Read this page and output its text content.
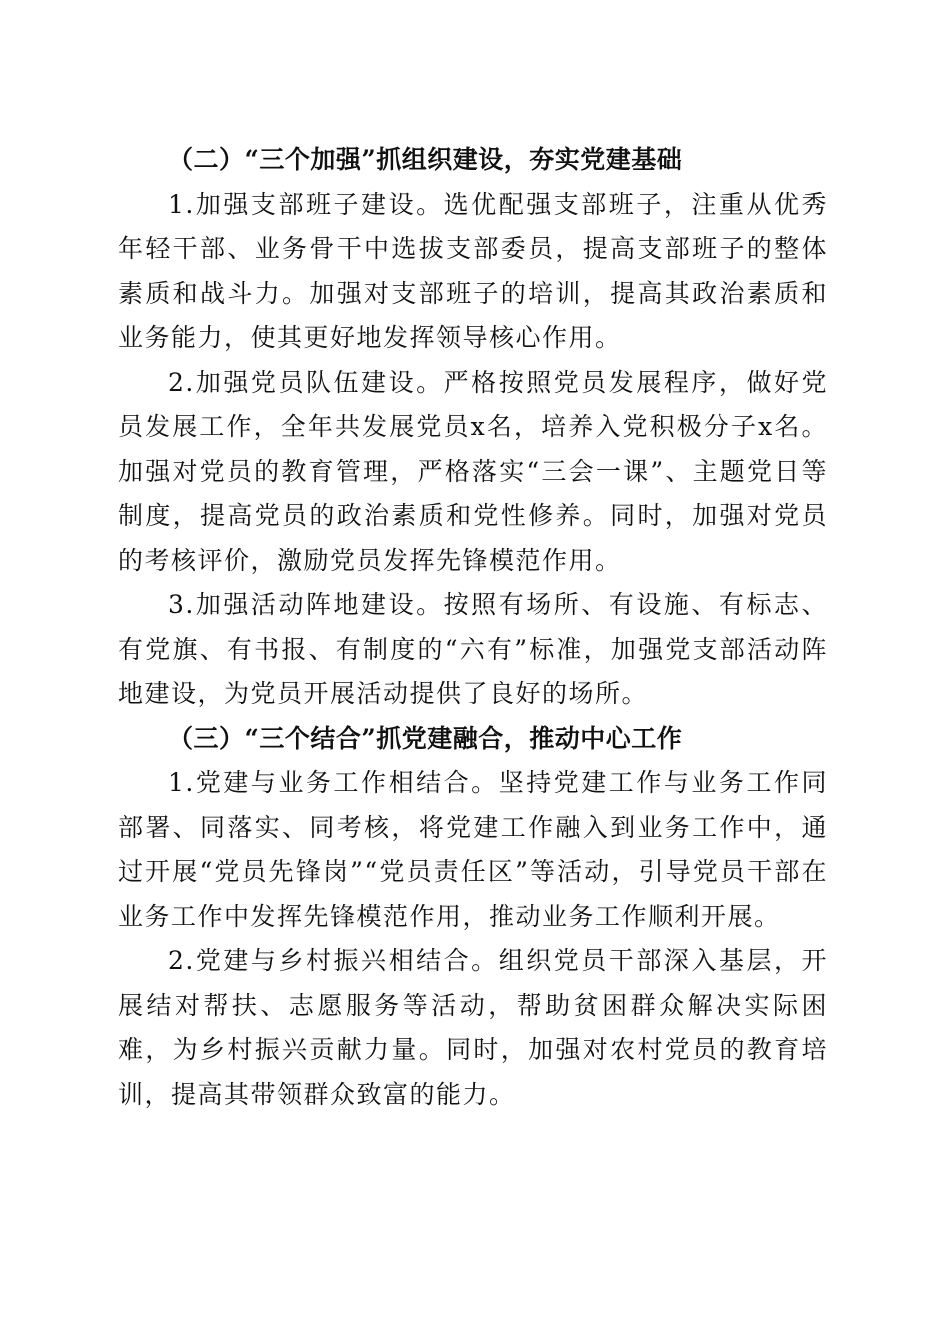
（二）“三个加强”抓组织建设，夯实党建基础

1.加强支部班子建设。选优配强支部班子，注重从优秀年轻干部、业务骨干中选拔支部委员，提高支部班子的整体素质和战斗力。加强对支部班子的培训，提高其政治素质和业务能力，使其更好地发挥领导核心作用。

2.加强党员队伍建设。严格按照党员发展程序，做好党员发展工作，全年共发展党员x名，培养入党积极分子x名。加强对党员的教育管理，严格落实“三会一课”、主题党日等制度，提高党员的政治素质和党性修养。同时，加强对党员的考核评价，激励党员发挥先锋模范作用。

3.加强活动阵地建设。按照有场所、有设施、有标志、有党旗、有书报、有制度的“六有”标准，加强党支部活动阵地建设，为党员开展活动提供了良好的场所。

（三）“三个结合”抓党建融合，推动中心工作

1.党建与业务工作相结合。坚持党建工作与业务工作同部署、同落实、同考核，将党建工作融入到业务工作中，通过开展“党员先锋岗”“党员责任区”等活动，引导党员干部在业务工作中发挥先锋模范作用，推动业务工作顺利开展。

2.党建与乡村振兴相结合。组织党员干部深入基层，开展结对帮扶、志愿服务等活动，帮助贫困群众解决实际困难，为乡村振兴贡献力量。同时，加强对农村党员的教育培训，提高其带领群众致富的能力。
